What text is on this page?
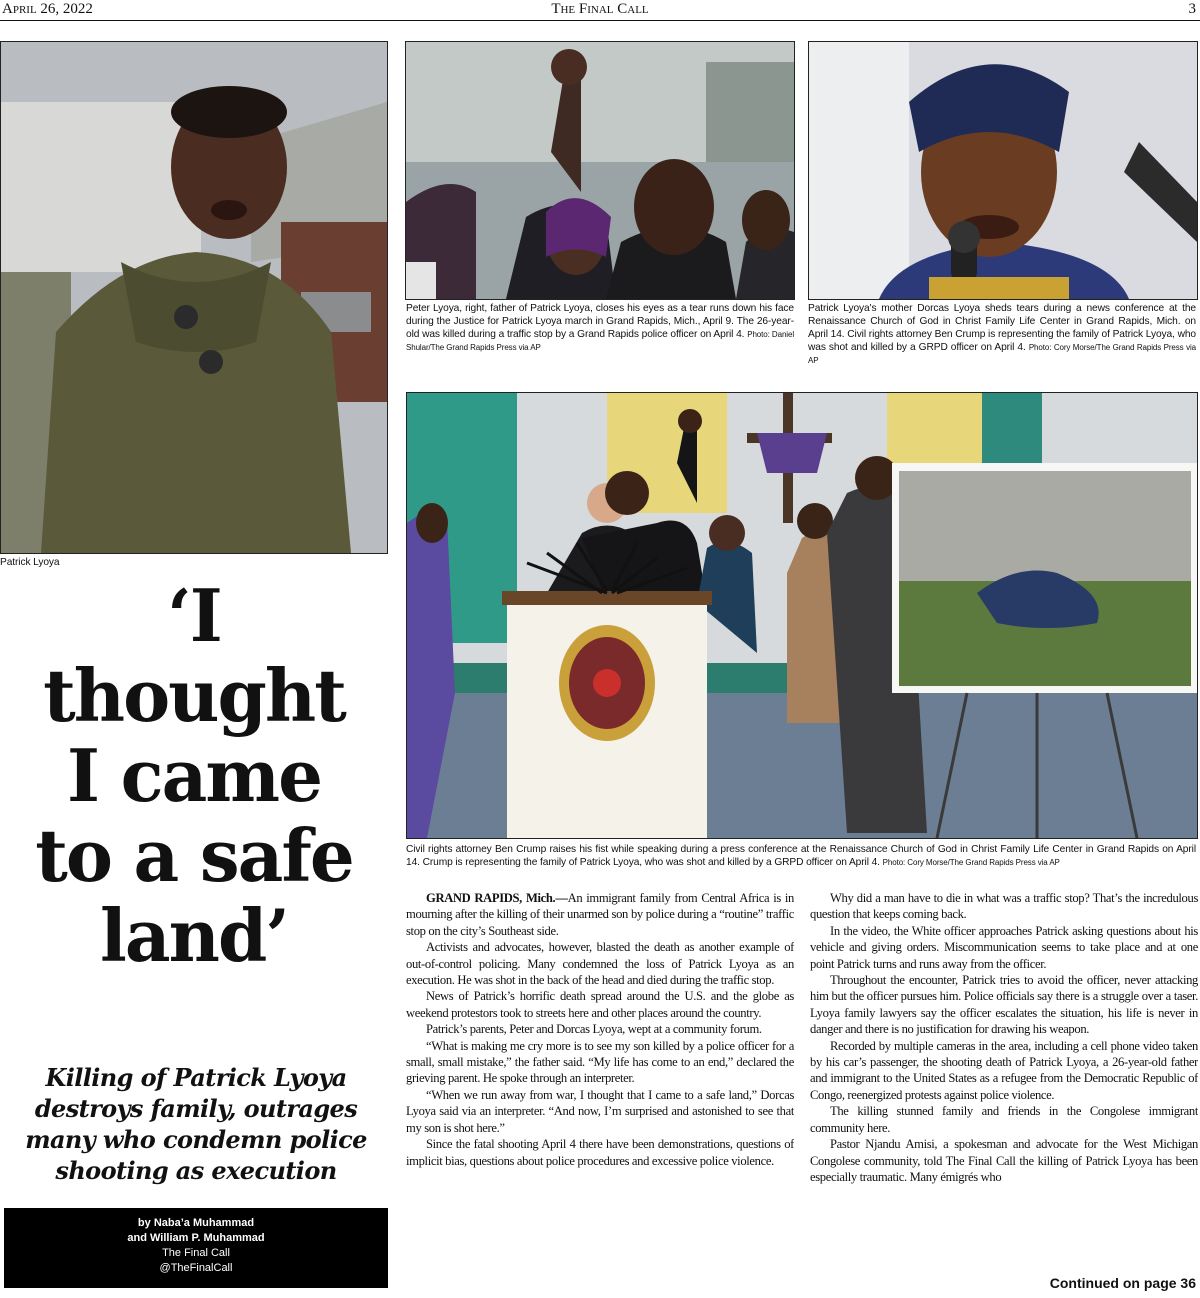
April 26, 2022	The Final Call	3
Patrick Lyoya
Peter Lyoya, right, father of Patrick Lyoya, closes his eyes as a tear runs down his face during the Justice for Patrick Lyoya march in Grand Rapids, Mich., April 9. The 26-year-old was killed during a traffic stop by a Grand Rapids police officer on April 4. Photo: Daniel Shular/The Grand Rapids Press via AP
Patrick Lyoya's mother Dorcas Lyoya sheds tears during a news conference at the Renaissance Church of God in Christ Family Life Center in Grand Rapids, Mich. on April 14. Civil rights attorney Ben Crump is representing the family of Patrick Lyoya, who was shot and killed by a GRPD officer on April 4. Photo: Cory Morse/The Grand Rapids Press via AP
Civil rights attorney Ben Crump raises his fist while speaking during a press conference at the Renaissance Church of God in Christ Family Life Center in Grand Rapids on April 14. Crump is representing the family of Patrick Lyoya, who was shot and killed by a GRPD officer on April 4. Photo: Cory Morse/The Grand Rapids Press via AP
‘I
thought
I came
to a safe
land’
Killing of Patrick Lyoya
destroys family, outrages
many who condemn police
shooting as execution
by Naba’a Muhammad
and William P. Muhammad
The Final Call
@TheFinalCall

GRAND RAPIDS, Mich.—An immigrant family from Central Africa is in mourning after the killing of their unarmed son by police during a “routine” traffic stop on the city’s Southeast side.

Activists and advocates, however, blasted the death as another example of out-of-control policing. Many condemned the loss of Patrick Lyoya as an execution. He was shot in the back of the head and died during the traffic stop.

News of Patrick’s horrific death spread around the U.S. and the globe as weekend protestors took to streets here and other places around the country.

Patrick’s parents, Peter and Dorcas Lyoya, wept at a community forum.

“What is making me cry more is to see my son killed by a police officer for a small, small mistake,” the father said. “My life has come to an end,” declared the grieving parent. He spoke through an interpreter.

“When we run away from war, I thought that I came to a safe land,” Dorcas Lyoya said via an interpreter. “And now, I’m surprised and astonished to see that my son is shot here.”

Since the fatal shooting April 4 there have been demonstrations, questions of implicit bias, questions about police procedures and excessive police violence.

Why did a man have to die in what was a traffic stop? That’s the incredulous question that keeps coming back.

In the video, the White officer approaches Patrick asking questions about his vehicle and giving orders. Miscommunication seems to take place and at one point Patrick turns and runs away from the officer.

Throughout the encounter, Patrick tries to avoid the officer, never attacking him but the officer pursues him. Police officials say there is a struggle over a taser. Lyoya family lawyers say the officer escalates the situation, his life is never in danger and there is no justification for drawing his weapon.

Recorded by multiple cameras in the area, including a cell phone video taken by his car’s passenger, the shooting death of Patrick Lyoya, a 26-year-old father and immigrant to the United States as a refugee from the Democratic Republic of Congo, reenergized protests against police violence.

The killing stunned family and friends in the Congolese immigrant community here.

Pastor Njandu Amisi, a spokesman and advocate for the West Michigan Congolese community, told The Final Call the killing of Patrick Lyoya has been especially traumatic. Many émigrés who

Continued on page 36
